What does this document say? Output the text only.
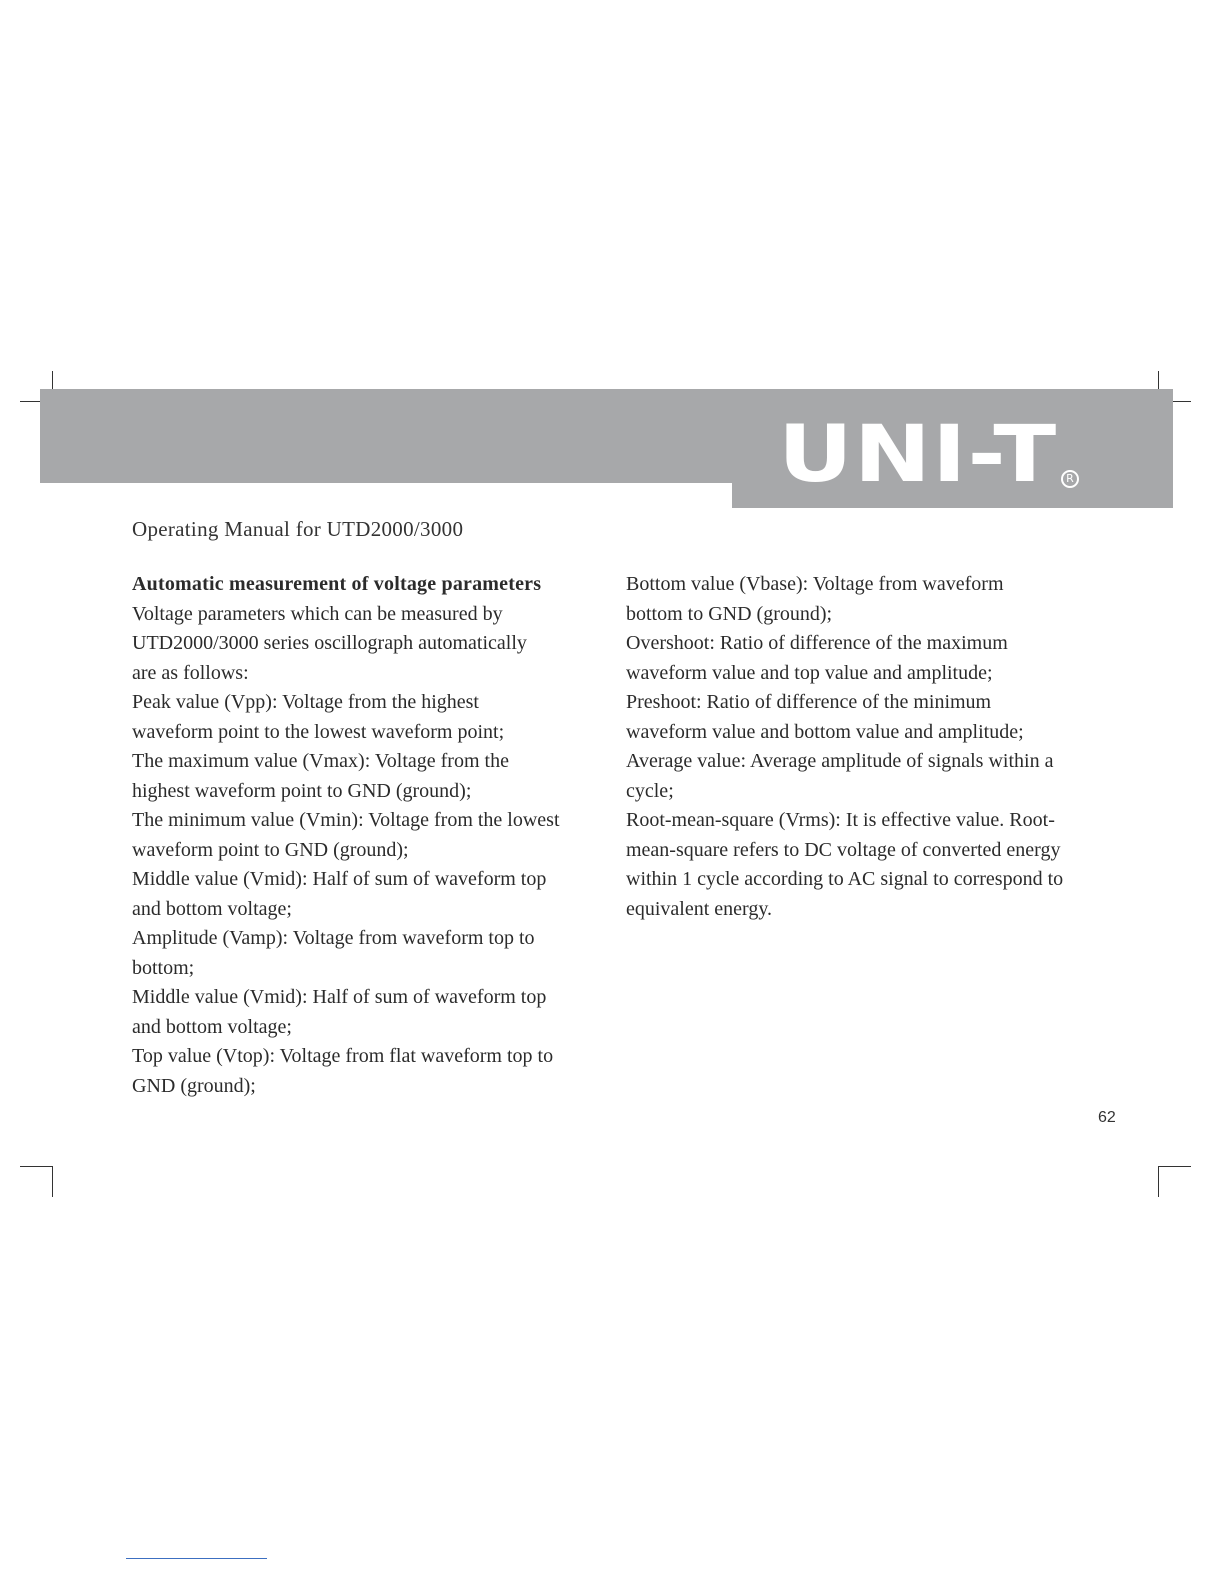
UNI-T R
Operating Manual for UTD2000/3000

Automatic measurement of voltage parameters

Voltage parameters which can be measured by

UTD2000/3000 series oscillograph automatically

are as follows:

Peak value (Vpp): Voltage from the highest

waveform point to the lowest waveform point;

The maximum value (Vmax): Voltage from the

highest waveform point to GND (ground);

The minimum value (Vmin): Voltage from the lowest

waveform point to GND (ground);

Middle value (Vmid): Half of sum of waveform top

and bottom voltage;

Amplitude (Vamp): Voltage from waveform top to

bottom;

Middle value (Vmid): Half of sum of waveform top

and bottom voltage;

Top value (Vtop): Voltage from flat waveform top to

GND (ground);

Bottom value (Vbase): Voltage from waveform

bottom to GND (ground);

Overshoot: Ratio of difference of the maximum

waveform value and top value and amplitude;

Preshoot: Ratio of difference of the minimum

waveform value and bottom value and amplitude;

Average value: Average amplitude of signals within a

cycle;

Root-mean-square (Vrms): It is effective value. Root-

mean-square refers to DC voltage of converted energy

within 1 cycle according to AC signal to correspond to

equivalent energy.

62
